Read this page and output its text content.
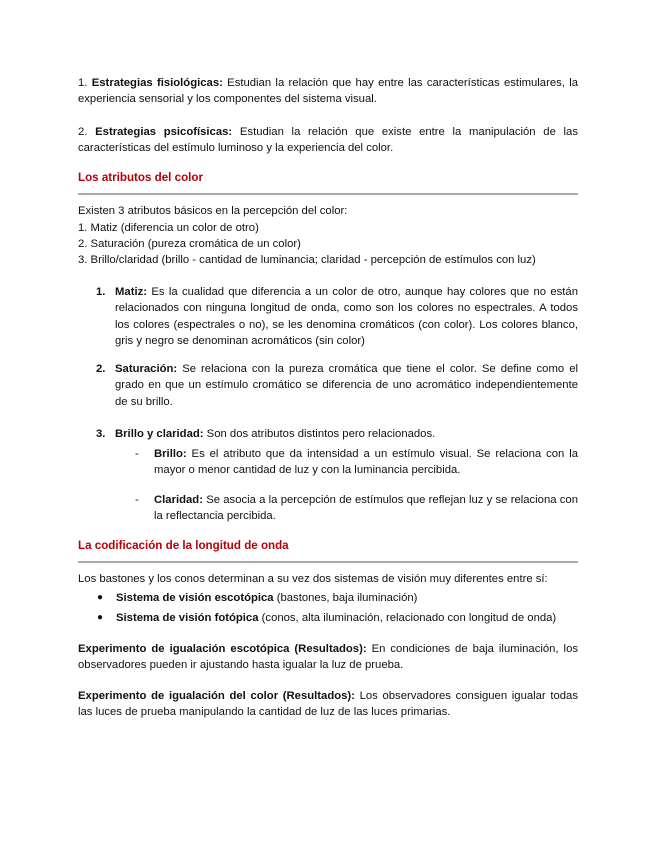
1. Estrategias fisiológicas: Estudian la relación que hay entre las características estimulares, la experiencia sensorial y los componentes del sistema visual.

2. Estrategias psicofísicas: Estudian la relación que existe entre la manipulación de las características del estímulo luminoso y la experiencia del color.

Los atributos del color

Existen 3 atributos básicos en la percepción del color:

1. Matiz (diferencia un color de otro)

2. Saturación (pureza cromática de un color)

3. Brillo/claridad (brillo - cantidad de luminancia; claridad - percepción de estímulos con luz)

1. Matiz: Es la cualidad que diferencia a un color de otro, aunque hay colores que no están relacionados con ninguna longitud de onda, como son los colores no espectrales. A todos los colores (espectrales o no), se les denomina cromáticos (con color). Los colores blanco, gris y negro se denominan acromáticos (sin color)

2. Saturación: Se relaciona con la pureza cromática que tiene el color. Se define como el grado en que un estímulo cromático se diferencia de uno acromático independientemente de su brillo.

3. Brillo y claridad: Son dos atributos distintos pero relacionados.

- Brillo: Es el atributo que da intensidad a un estímulo visual. Se relaciona con la mayor o menor cantidad de luz y con la luminancia percibida.

- Claridad: Se asocia a la percepción de estímulos que reflejan luz y se relaciona con la reflectancia percibida.

La codificación de la longitud de onda

Los bastones y los conos determinan a su vez dos sistemas de visión muy diferentes entre sí:

● Sistema de visión escotópica (bastones, baja iluminación)

● Sistema de visión fotópica (conos, alta iluminación, relacionado con longitud de onda)

Experimento de igualación escotópica (Resultados): En condiciones de baja iluminación, los observadores pueden ir ajustando hasta igualar la luz de prueba.

Experimento de igualación del color (Resultados): Los observadores consiguen igualar todas las luces de prueba manipulando la cantidad de luz de las luces primarias.
